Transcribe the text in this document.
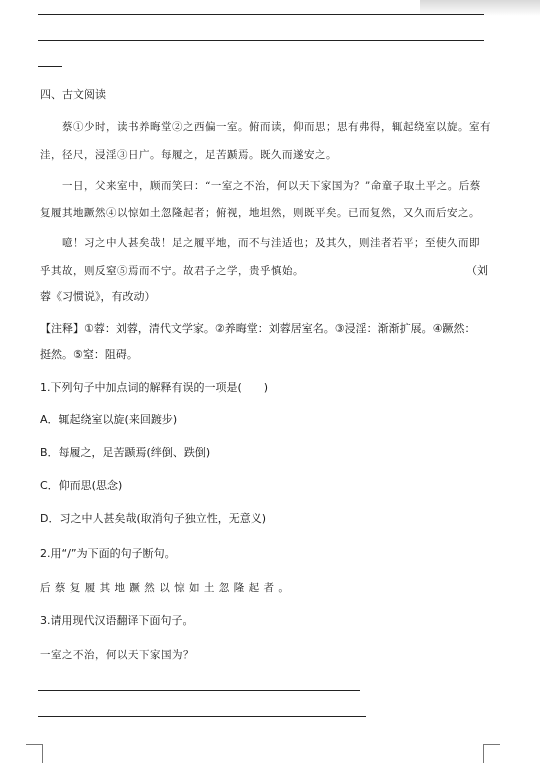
四、古文阅读
　　蔡①少时，读书养晦堂②之西偏一室。俯而读，仰而思；思有弗得，辄起绕室以旋。室有
洼，径尺，浸淫③日广。每履之，足苦踬焉。既久而遂安之。
　　一日，父来室中，顾而笑曰：“一室之不治，何以天下家国为？”命童子取土平之。后蔡
复履其地蹶然④以惊如土忽隆起者；俯视，地坦然，则既平矣。已而复然，又久而后安之。
　　噫！习之中人甚矣哉！足之履平地，而不与洼适也；及其久，则洼者若平；至使久而即
乎其故，则反窒⑤焉而不宁。故君子之学，贵乎慎始。	（刘
蓉《习惯说》，有改动）
【注释】①蓉：刘蓉，清代文学家。②养晦堂：刘蓉居室名。③浸淫：渐渐扩展。④蹶然：
挺然。⑤窒：阻碍。
1.下列句子中加点词的解释有误的一项是(　　)
A．辄起绕室以旋(来回踱步)
B．每履之，足苦踬焉(绊倒、跌倒)
C．仰而思(思念)
D．习之中人甚矣哉(取消句子独立性，无意义)
2.用“/”为下面的句子断句。
后蔡复履其地蹶然以惊如土忽隆起者。
3.请用现代汉语翻译下面句子。
一室之不治，何以天下家国为？
